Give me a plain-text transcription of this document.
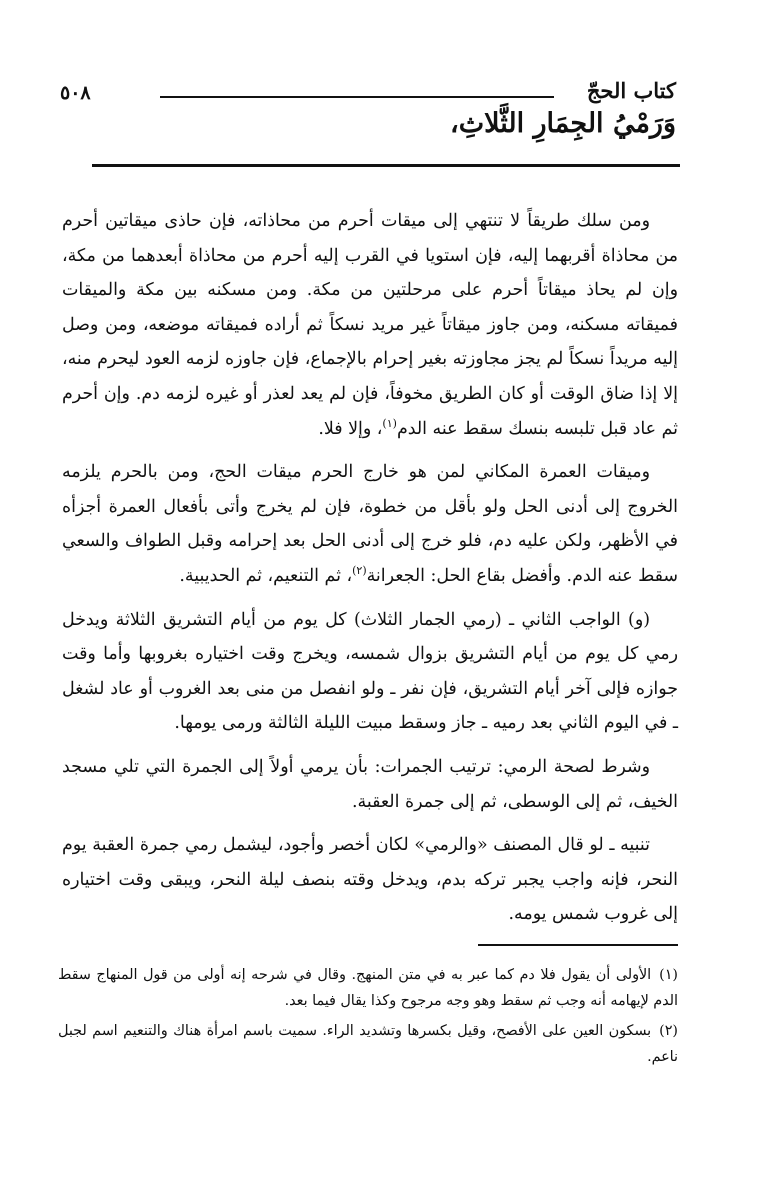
٥٠٨	كتاب الحجّ
وَرَمْيُ الجِمَارِ الثَّلاثِ،

ومن سلك طريقاً لا تنتهي إلى ميقات أحرم من محاذاته، فإن حاذى ميقاتين أحرم من محاذاة أقربهما إليه، فإن استويا في القرب إليه أحرم من محاذاة أبعدهما من مكة، وإن لم يحاذ ميقاتاً أحرم على مرحلتين من مكة. ومن مسكنه بين مكة والميقات فميقاته مسكنه، ومن جاوز ميقاتاً غير مريد نسكاً ثم أراده فميقاته موضعه، ومن وصل إليه مريداً نسكاً لم يجز مجاوزته بغير إحرام بالإجماع، فإن جاوزه لزمه العود ليحرم منه، إلا إذا ضاق الوقت أو كان الطريق مخوفاً، فإن لم يعد لعذر أو غيره لزمه دم. وإن أحرم ثم عاد قبل تلبسه بنسك سقط عنه الدم$^{(١)}$، وإلا فلا.

وميقات العمرة المكاني لمن هو خارج الحرم ميقات الحج، ومن بالحرم يلزمه الخروج إلى أدنى الحل ولو بأقل من خطوة، فإن لم يخرج وأتى بأفعال العمرة أجزأه في الأظهر، ولكن عليه دم، فلو خرج إلى أدنى الحل بعد إحرامه وقبل الطواف والسعي سقط عنه الدم. وأفضل بقاع الحل: الجعرانة$^{(٢)}$، ثم التنعيم، ثم الحديبية.

(و) الواجب الثاني ـ (رمي الجمار الثلاث) كل يوم من أيام التشريق الثلاثة ويدخل رمي كل يوم من أيام التشريق بزوال شمسه، ويخرج وقت اختياره بغروبها وأما وقت جوازه فإلى آخر أيام التشريق، فإن نفر ـ ولو انفصل من منى بعد الغروب أو عاد لشغل ـ في اليوم الثاني بعد رميه ـ جاز وسقط مبيت الليلة الثالثة ورمى يومها.

وشرط لصحة الرمي: ترتيب الجمرات: بأن يرمي أولاً إلى الجمرة التي تلي مسجد الخيف، ثم إلى الوسطى، ثم إلى جمرة العقبة.

تنبيه ـ لو قال المصنف «والرمي» لكان أخصر وأجود، ليشمل رمي جمرة العقبة يوم النحر، فإنه واجب يجبر تركه بدم، ويدخل وقته بنصف ليلة النحر، ويبقى وقت اختياره إلى غروب شمس يومه.

(١)الأولى أن يقول فلا دم كما عبر به في متن المنهج. وقال في شرحه إنه أولى من قول المنهاج سقط الدم لإيهامه أنه وجب ثم سقط وهو وجه مرجوح وكذا يقال فيما بعد.
(٢)بسكون العين على الأفصح، وقيل بكسرها وتشديد الراء. سميت باسم امرأة هناك والتنعيم اسم لجبل ناعم.
